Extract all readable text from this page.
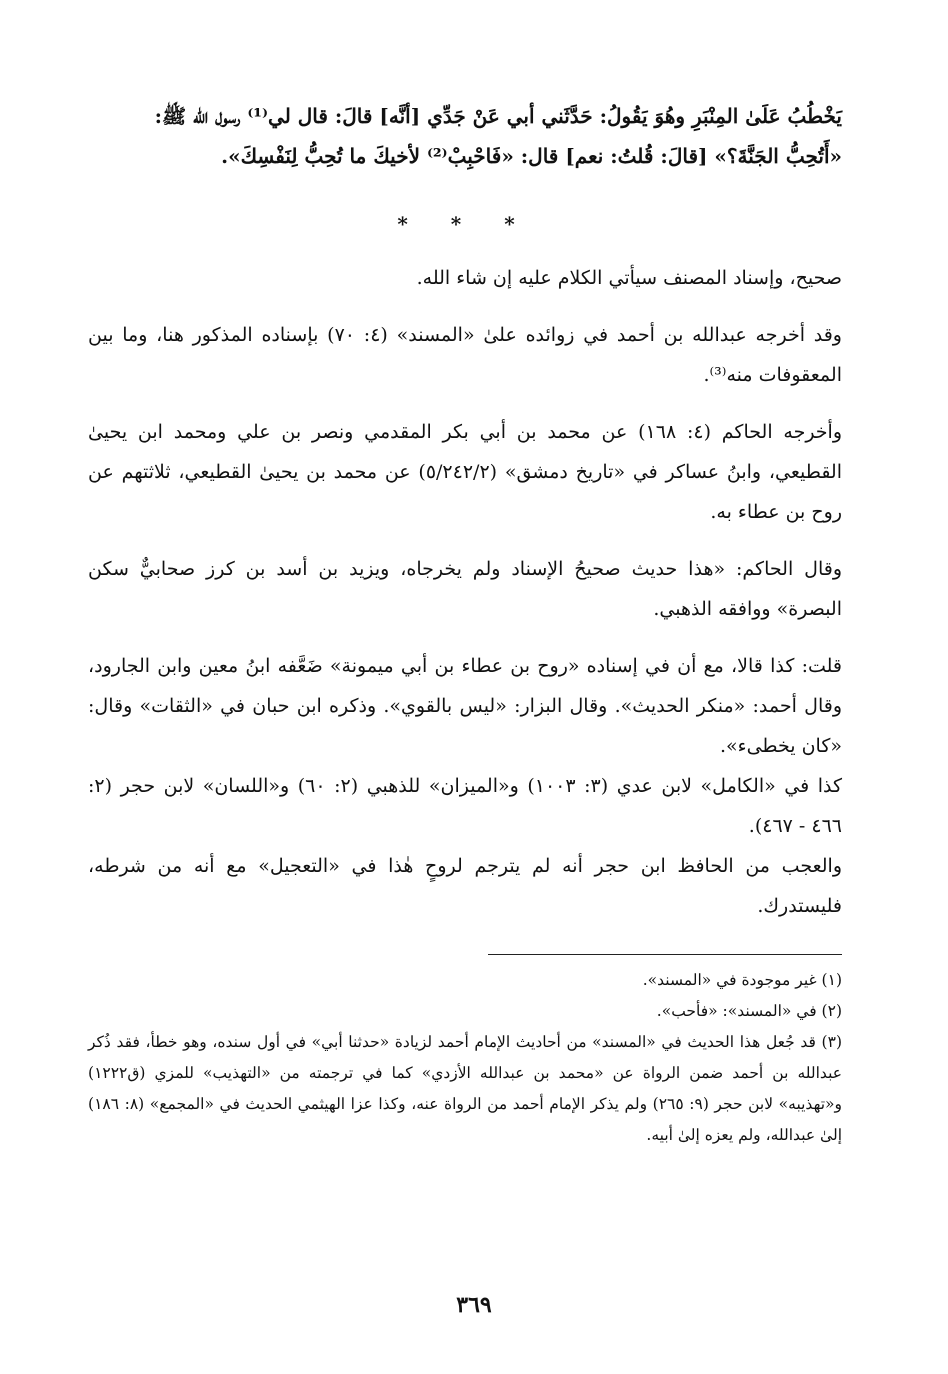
يَخْطُبُ عَلَىٰ المِنْبَرِ وهُوَ يَقُولُ: حَدَّثَني أبي عَنْ جَدِّي [أنَّه] قالَ: قال لي⁽¹⁾ رسول الله ﷺ:

«أَتُحِبُّ الجَنَّةَ؟» [قالَ: قُلتُ: نعم] قال: «فَاحْبِبْ⁽²⁾ لأخيكَ ما تُحِبُّ لِنَفْسِكَ».

* * *

صحيح، وإسناد المصنف سيأتي الكلام عليه إن شاء الله.

وقد أخرجه عبدالله بن أحمد في زوائده علىٰ «المسند» (٤: ٧٠) بإسناده المذكور هنا، وما بين المعقوفات منه⁽³⁾.

وأخرجه الحاكم (٤: ١٦٨) عن محمد بن أبي بكر المقدمي ونصر بن علي ومحمد ابن يحيىٰ القطيعي، وابنُ عساكر في «تاريخ دمشق» (٥/٢٤٢/٢) عن محمد بن يحيىٰ القطيعي، ثلاثتهم عن روح بن عطاء به.

وقال الحاكم: «هذا حديث صحيحُ الإسناد ولم يخرجاه، ويزيد بن أسد بن كرز صحابيٌّ سكن البصرة» ووافقه الذهبي.

قلت: كذا قالا، مع أن في إسناده «روح بن عطاء بن أبي ميمونة» ضَعَّفه ابنُ معين وابن الجارود، وقال أحمد: «منكر الحديث». وقال البزار: «ليس بالقوي». وذكره ابن حبان في «الثقات» وقال: «كان يخطىء».

كذا في «الكامل» لابن عدي (٣: ١٠٠٣) و«الميزان» للذهبي (٢: ٦٠) و«اللسان» لابن حجر (٢: ٤٦٦ - ٤٦٧).

والعجب من الحافظ ابن حجر أنه لم يترجم لروحٍ هٰذا في «التعجيل» مع أنه من شرطه، فليستدرك.

(١) غير موجودة في «المسند».

(٢) في «المسند»: «فأحب».

(٣) قد جُعل هذا الحديث في «المسند» من أحاديث الإمام أحمد لزيادة «حدثنا أبي» في أول سنده، وهو خطأ، فقد ذُكر عبدالله بن أحمد ضمن الرواة عن «محمد بن عبدالله الأزدي» كما في ترجمته من «التهذيب» للمزي (ق١٢٢٢) و«تهذيبه» لابن حجر (٩: ٢٦٥) ولم يذكر الإمام أحمد من الرواة عنه، وكذا عزا الهيثمي الحديث في «المجمع» (٨: ١٨٦) إلىٰ عبدالله، ولم يعزه إلىٰ أبيه.

٣٦٩
